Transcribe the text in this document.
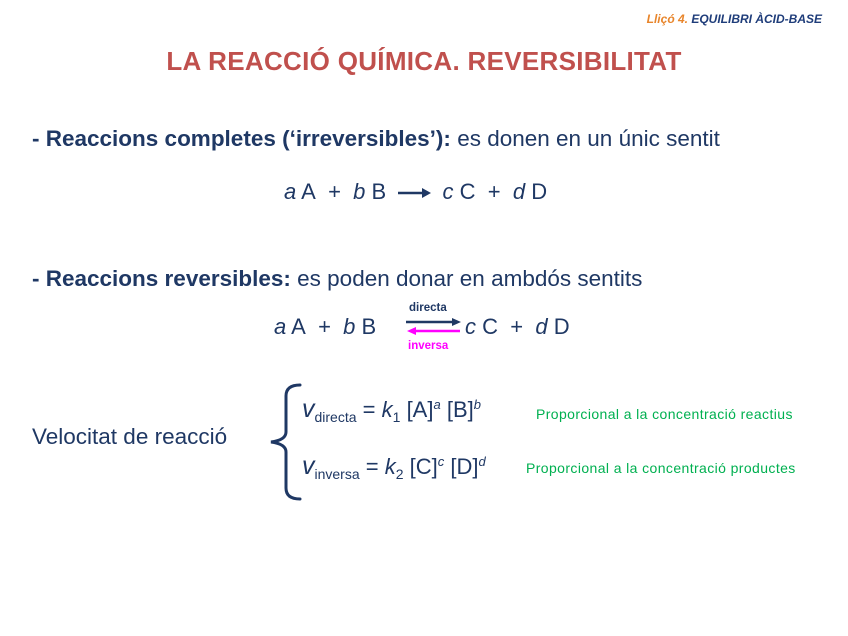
Lliçó 4. EQUILIBRI ÀCID-BASE
LA REACCIÓ QUÍMICA. REVERSIBILITAT
- Reaccions completes (‘irreversibles’): es donen en un únic sentit
a A + b B	c C + d D
- Reaccions reversibles: es poden donar en ambdós sentits
a A + b B
directa
inversa
c C + d D
Velocitat de reacció
$v_{directa} = k_1$ $[A]^a$ $[B]^b$
Proporcional a la concentració reactius
$v_{inversa} = k_2$ $[C]^c$ $[D]^d$	Proporcional a la concentració productes
